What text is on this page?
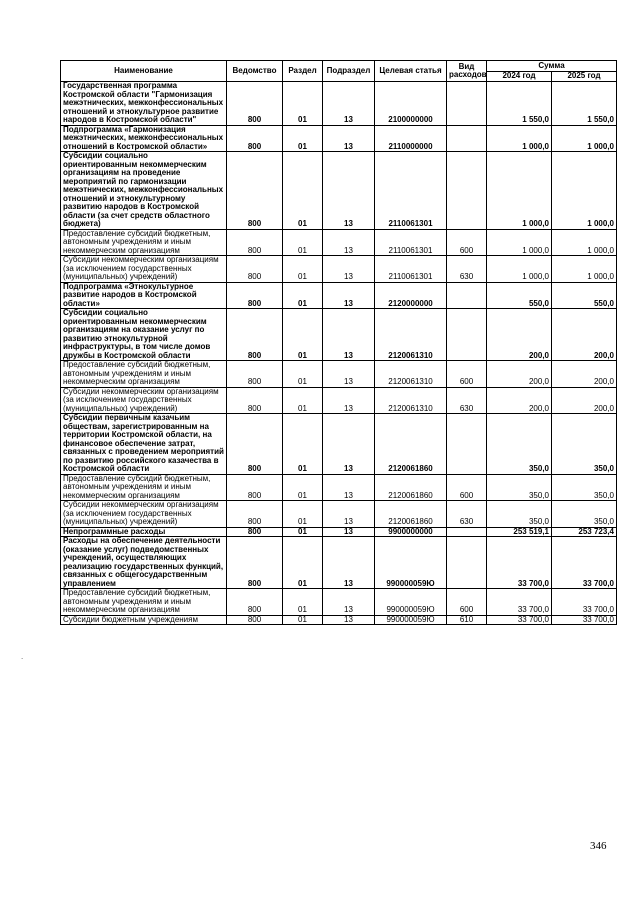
Наименование	Ведомство	Раздел	Подраздел	Целевая статья	Вид расходов	Сумма	
						2024 год	2025 год
Государственная программа Костромской области "Гармонизация межэтнических, межконфессиональных отношений и этнокультурное развитие народов в Костромской области"	800	01	13	2100000000		1 550,0	1 550,0
Подпрограмма «Гармонизация межэтнических, межконфессиональных отношений в Костромской области»	800	01	13	2110000000		1 000,0	1 000,0
Субсидии социально ориентированным некоммерческим организациям на проведение мероприятий по гармонизации межэтнических, межконфессиональных отношений и этнокультурному развитию народов в Костромской области (за счет средств областного бюджета)	800	01	13	2110061301		1 000,0	1 000,0
Предоставление субсидий бюджетным, автономным учреждениям и иным некоммерческим организациям	800	01	13	2110061301	600	1 000,0	1 000,0
Субсидии некоммерческим организациям (за исключением государственных (муниципальных) учреждений)	800	01	13	2110061301	630	1 000,0	1 000,0
Подпрограмма «Этнокультурное развитие народов в Костромской области»	800	01	13	2120000000		550,0	550,0
Субсидии социально ориентированным некоммерческим организациям на оказание услуг по развитию этнокультурной инфраструктуры, в том числе домов дружбы в Костромской области	800	01	13	2120061310		200,0	200,0
Предоставление субсидий бюджетным, автономным учреждениям и иным некоммерческим организациям	800	01	13	2120061310	600	200,0	200,0
Субсидии некоммерческим организациям (за исключением государственных (муниципальных) учреждений)	800	01	13	2120061310	630	200,0	200,0
Субсидии первичным казачьим обществам, зарегистрированным на территории Костромской области, на финансовое обеспечение затрат, связанных с проведением мероприятий по развитию российского казачества в Костромской области	800	01	13	2120061860		350,0	350,0
Предоставление субсидий бюджетным, автономным учреждениям и иным некоммерческим организациям	800	01	13	2120061860	600	350,0	350,0
Субсидии некоммерческим организациям (за исключением государственных (муниципальных) учреждений)	800	01	13	2120061860	630	350,0	350,0
Непрограммные расходы	800	01	13	9900000000		253 519,1	253 723,4
Расходы на обеспечение деятельности (оказание услуг) подведомственных учреждений, осуществляющих реализацию государственных функций, связанных с общегосударственным управлением	800	01	13	990000059Ю		33 700,0	33 700,0
Предоставление субсидий бюджетным, автономным учреждениям и иным некоммерческим организациям	800	01	13	990000059Ю	600	33 700,0	33 700,0
Субсидии бюджетным учреждениям	800	01	13	990000059Ю	610	33 700,0	33 700,0
.
346
